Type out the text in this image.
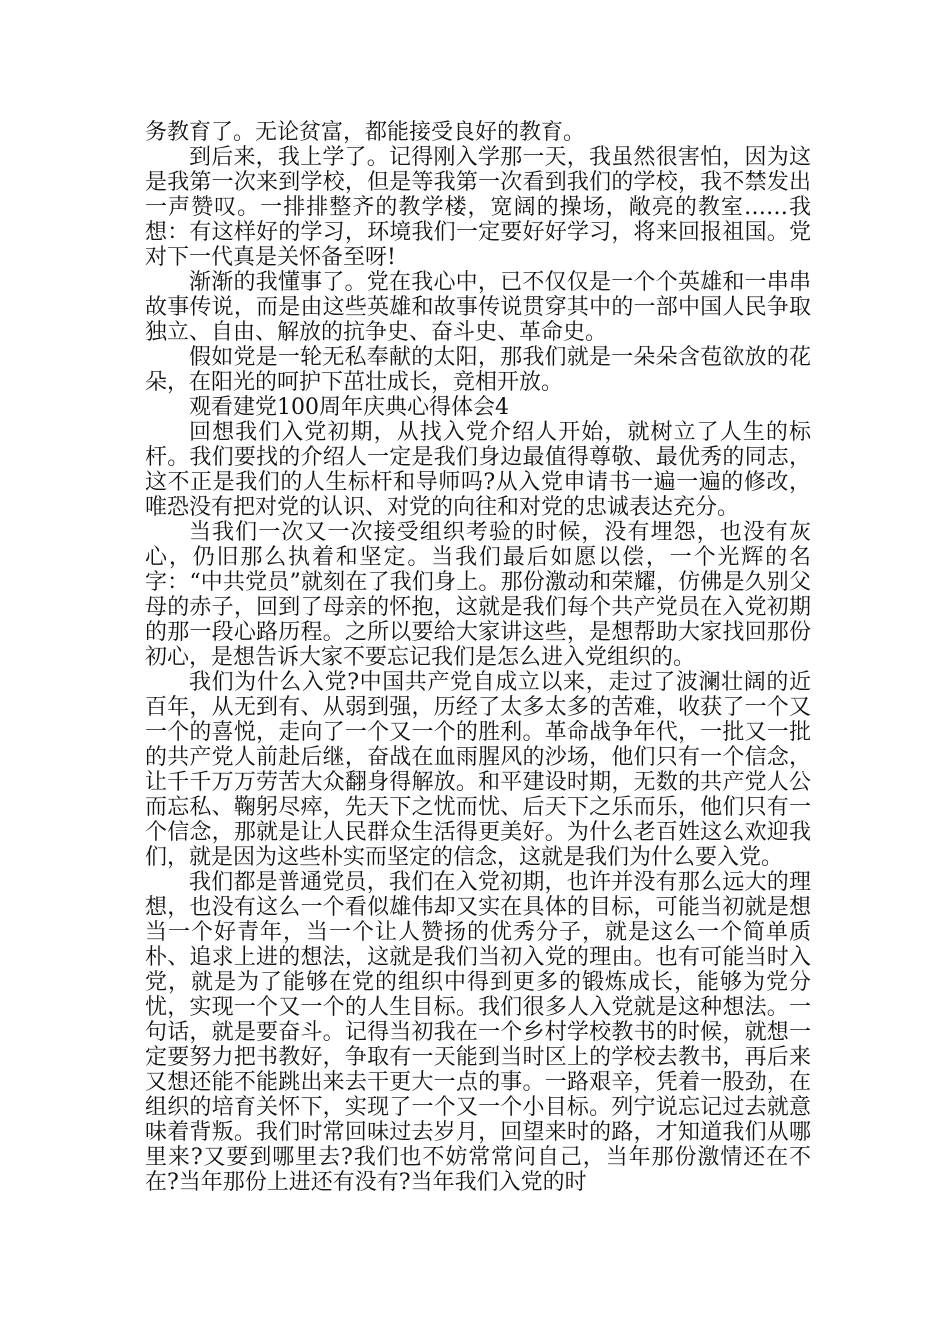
务教育了。无论贫富，都能接受良好的教育。

到后来，我上学了。记得刚入学那一天，我虽然很害怕，因为这是我第一次来到学校，但是等我第一次看到我们的学校，我不禁发出一声赞叹。一排排整齐的教学楼，宽阔的操场，敞亮的教室……我想：有这样好的学习，环境我们一定要好好学习，将来回报祖国。党对下一代真是关怀备至呀!

渐渐的我懂事了。党在我心中，已不仅仅是一个个英雄和一串串故事传说，而是由这些英雄和故事传说贯穿其中的一部中国人民争取独立、自由、解放的抗争史、奋斗史、革命史。

假如党是一轮无私奉献的太阳，那我们就是一朵朵含苞欲放的花朵，在阳光的呵护下茁壮成长，竞相开放。

观看建党100周年庆典心得体会4

回想我们入党初期，从找入党介绍人开始，就树立了人生的标杆。我们要找的介绍人一定是我们身边最值得尊敬、最优秀的同志，这不正是我们的人生标杆和导师吗?从入党申请书一遍一遍的修改，唯恐没有把对党的认识、对党的向往和对党的忠诚表达充分。

当我们一次又一次接受组织考验的时候，没有埋怨，也没有灰心，仍旧那么执着和坚定。当我们最后如愿以偿，一个光辉的名字：“中共党员”就刻在了我们身上。那份激动和荣耀，仿佛是久别父母的赤子，回到了母亲的怀抱，这就是我们每个共产党员在入党初期的那一段心路历程。之所以要给大家讲这些，是想帮助大家找回那份初心，是想告诉大家不要忘记我们是怎么进入党组织的。

我们为什么入党?中国共产党自成立以来，走过了波澜壮阔的近百年，从无到有、从弱到强，历经了太多太多的苦难，收获了一个又一个的喜悦，走向了一个又一个的胜利。革命战争年代，一批又一批的共产党人前赴后继，奋战在血雨腥风的沙场，他们只有一个信念，让千千万万劳苦大众翻身得解放。和平建设时期，无数的共产党人公而忘私、鞠躬尽瘁，先天下之忧而忧、后天下之乐而乐，他们只有一个信念，那就是让人民群众生活得更美好。为什么老百姓这么欢迎我们，就是因为这些朴实而坚定的信念，这就是我们为什么要入党。

我们都是普通党员，我们在入党初期，也许并没有那么远大的理想，也没有这么一个看似雄伟却又实在具体的目标，可能当初就是想当一个好青年，当一个让人赞扬的优秀分子，就是这么一个简单质朴、追求上进的想法，这就是我们当初入党的理由。也有可能当时入党，就是为了能够在党的组织中得到更多的锻炼成长，能够为党分忧，实现一个又一个的人生目标。我们很多人入党就是这种想法。一句话，就是要奋斗。记得当初我在一个乡村学校教书的时候，就想一定要努力把书教好，争取有一天能到当时区上的学校去教书，再后来又想还能不能跳出来去干更大一点的事。一路艰辛，凭着一股劲，在组织的培育关怀下，实现了一个又一个小目标。列宁说忘记过去就意味着背叛。我们时常回味过去岁月，回望来时的路，才知道我们从哪里来?又要到哪里去?我们也不妨常常问自己，当年那份激情还在不在?当年那份上进还有没有?当年我们入党的时
